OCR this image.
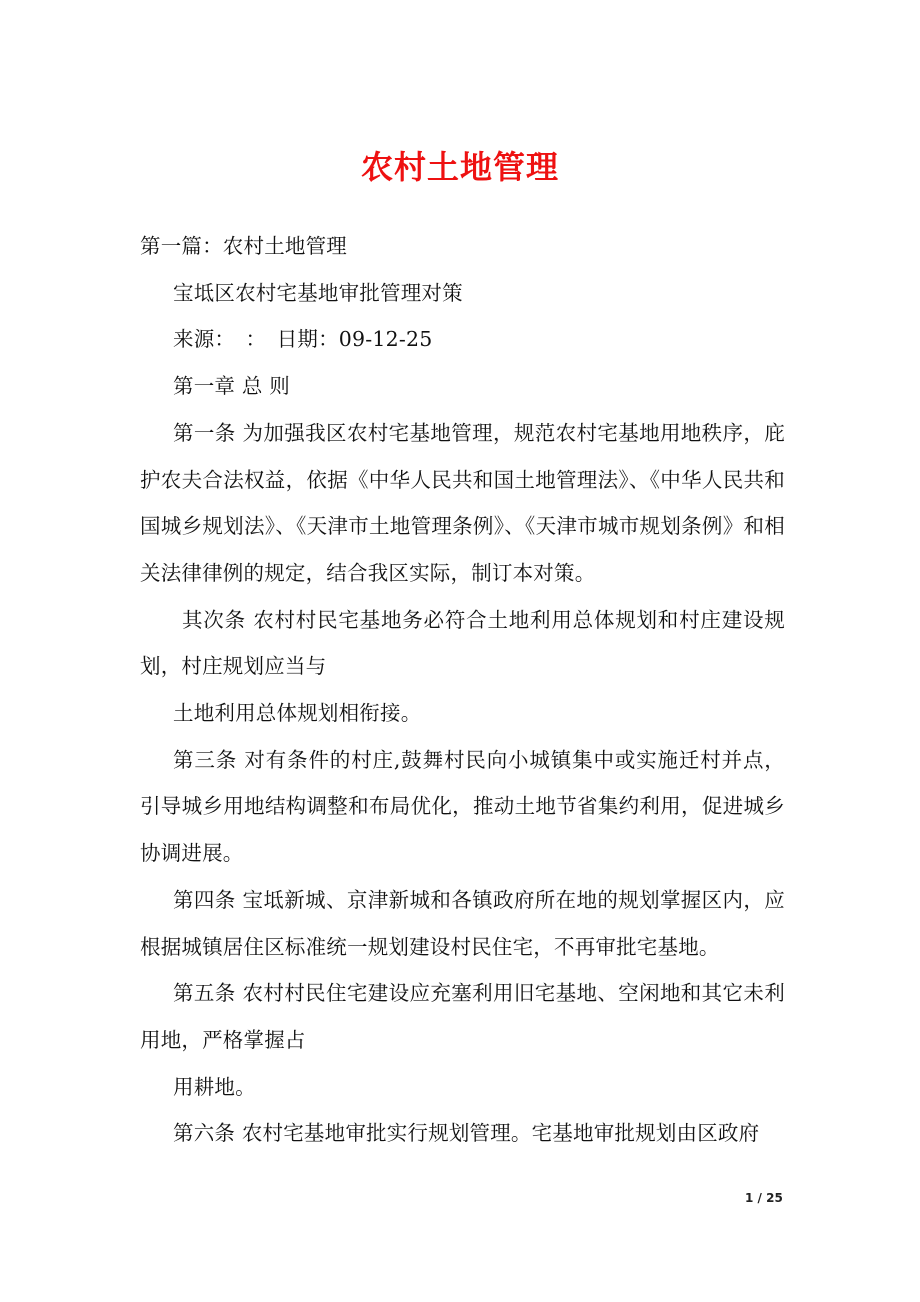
农村土地管理

第一篇：农村土地管理

宝坻区农村宅基地审批管理对策

来源：　：　日期：09-12-25

第一章 总 则

第一条 为加强我区农村宅基地管理，规范农村宅基地用地秩序，庇护农夫合法权益，依据《中华人民共和国土地管理法》、《中华人民共和国城乡规划法》、《天津市土地管理条例》、《天津市城市规划条例》和相关法律律例的规定，结合我区实际，制订本对策。

其次条 农村村民宅基地务必符合土地利用总体规划和村庄建设规划，村庄规划应当与

土地利用总体规划相衔接。

第三条 对有条件的村庄,鼓舞村民向小城镇集中或实施迁村并点，引导城乡用地结构调整和布局优化，推动土地节省集约利用，促进城乡协调进展。

第四条 宝坻新城、京津新城和各镇政府所在地的规划掌握区内，应根据城镇居住区标准统一规划建设村民住宅，不再审批宅基地。

第五条 农村村民住宅建设应充塞利用旧宅基地、空闲地和其它未利用地，严格掌握占

用耕地。

第六条 农村宅基地审批实行规划管理。宅基地审批规划由区政府

1 / 25
